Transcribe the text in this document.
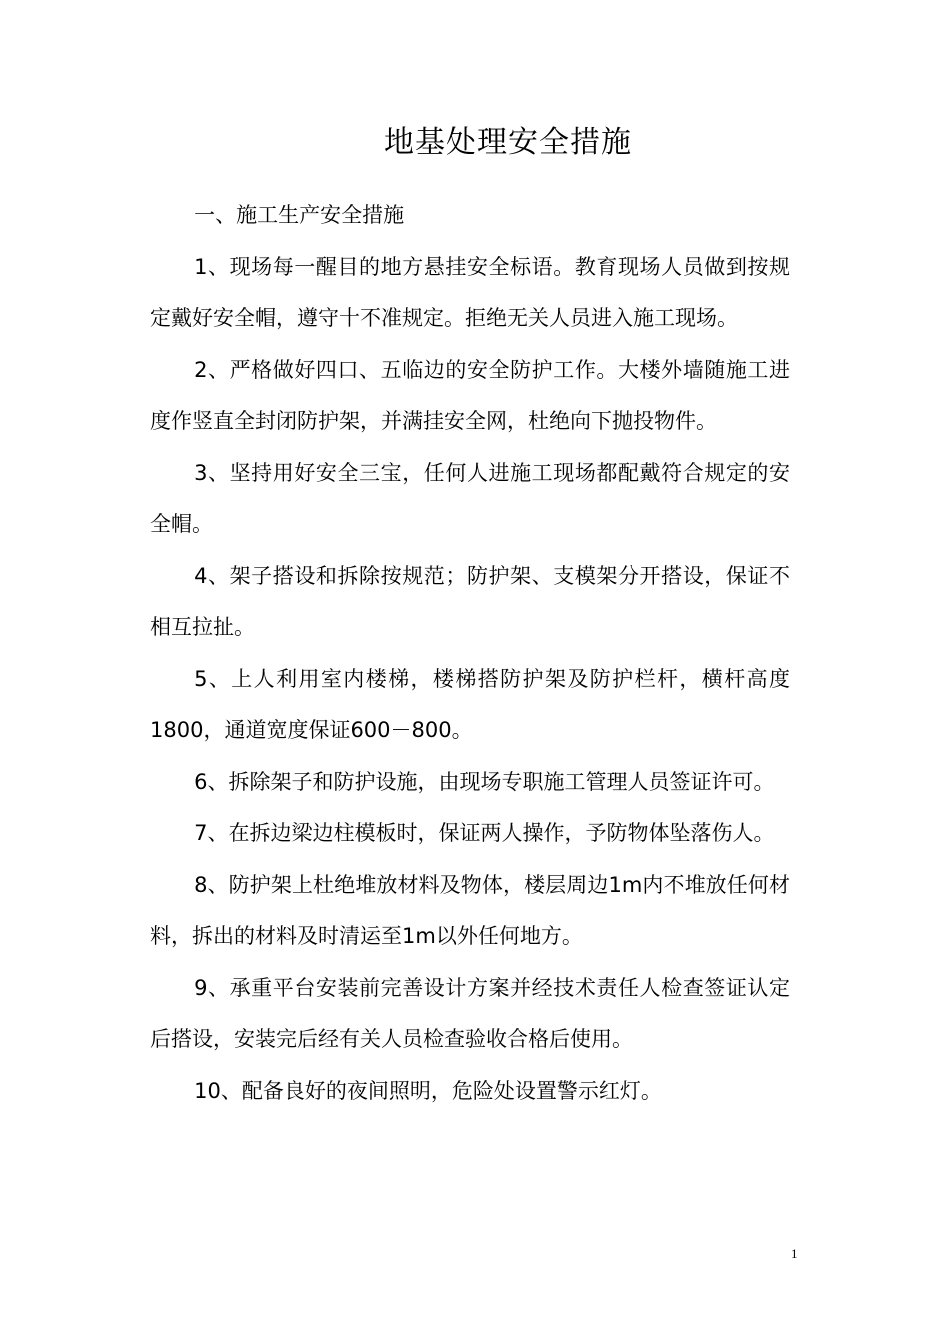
地基处理安全措施

一、施工生产安全措施

1、现场每一醒目的地方悬挂安全标语。教育现场人员做到按规定戴好安全帽，遵守十不准规定。拒绝无关人员进入施工现场。

2、严格做好四口、五临边的安全防护工作。大楼外墙随施工进度作竖直全封闭防护架，并满挂安全网，杜绝向下抛投物件。

3、坚持用好安全三宝，任何人进施工现场都配戴符合规定的安全帽。

4、架子搭设和拆除按规范；防护架、支模架分开搭设，保证不相互拉扯。

5、上人利用室内楼梯，楼梯搭防护架及防护栏杆，横杆高度1800，通道宽度保证600－800。

6、拆除架子和防护设施，由现场专职施工管理人员签证许可。

7、在拆边梁边柱模板时，保证两人操作，予防物体坠落伤人。

8、防护架上杜绝堆放材料及物体，楼层周边1m内不堆放任何材料，拆出的材料及时清运至1m以外任何地方。

9、承重平台安装前完善设计方案并经技术责任人检查签证认定后搭设，安装完后经有关人员检查验收合格后使用。

10、配备良好的夜间照明，危险处设置警示红灯。

1
